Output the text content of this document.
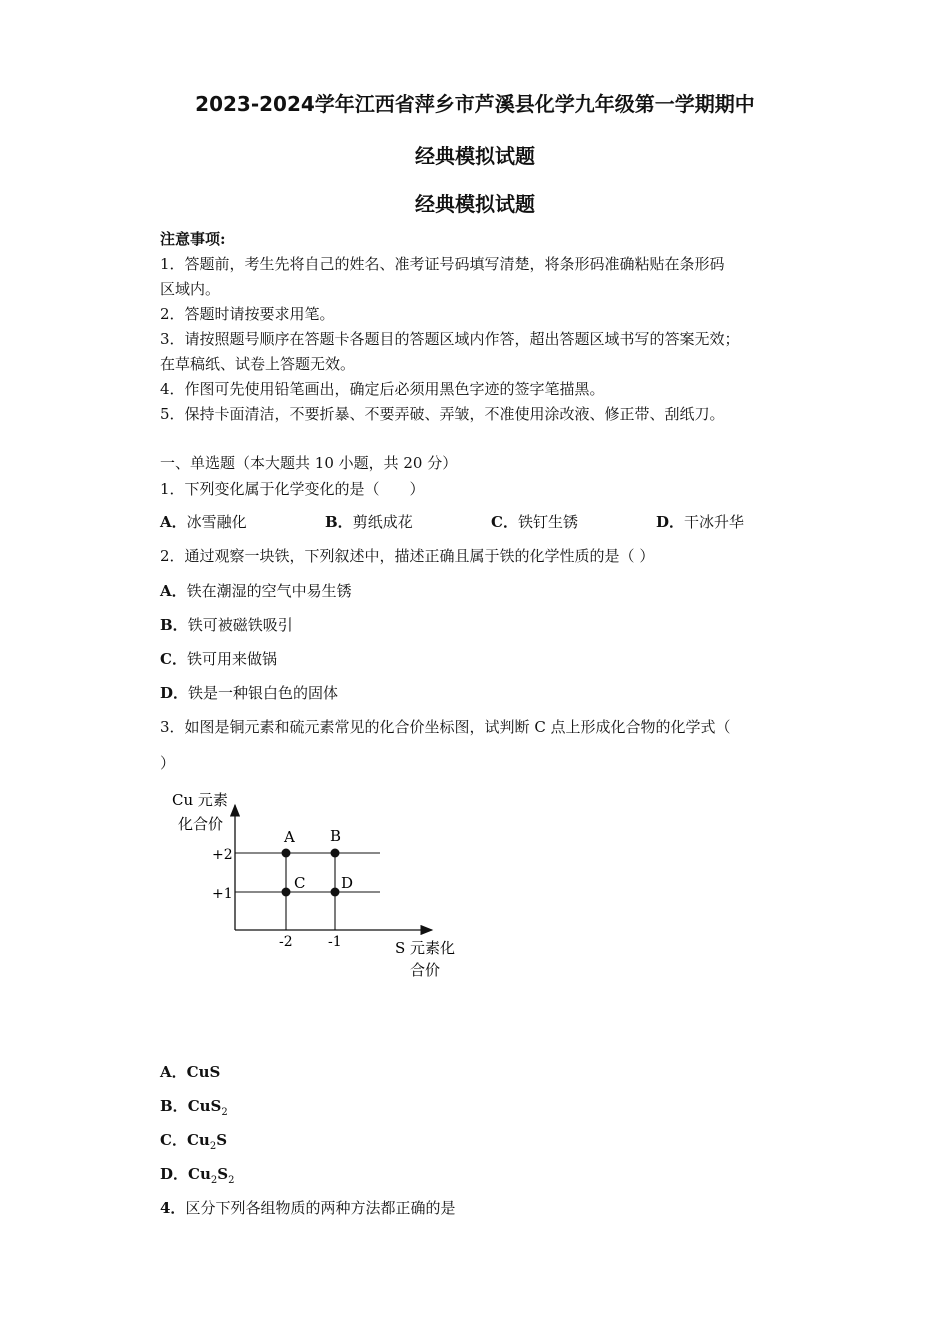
2023-2024学年江西省萍乡市芦溪县化学九年级第一学期期中
经典模拟试题
经典模拟试题
注意事项:
1．答题前，考生先将自己的姓名、准考证号码填写清楚，将条形码准确粘贴在条形码
区域内。
2．答题时请按要求用笔。
3．请按照题号顺序在答题卡各题目的答题区域内作答，超出答题区域书写的答案无效；
在草稿纸、试卷上答题无效。
4．作图可先使用铅笔画出，确定后必须用黑色字迹的签字笔描黑。
5．保持卡面清洁，不要折暴、不要弄破、弄皱，不准使用涂改液、修正带、刮纸刀。
一、单选题（本大题共 10 小题，共 20 分）
1．下列变化属于化学变化的是（　　）
A．冰雪融化	B．剪纸成花	C．铁钉生锈	D．干冰升华
2．通过观察一块铁，下列叙述中，描述正确且属于铁的化学性质的是（ ）
A．铁在潮湿的空气中易生锈
B．铁可被磁铁吸引
C．铁可用来做锅
D．铁是一种银白色的固体
3．如图是铜元素和硫元素常见的化合价坐标图，试判断 C 点上形成化合物的化学式（
）
Cu 元素
化合价
S 元素化
合价
+2
+1
-2	-1
A B
C D
A．CuS
B．CuS$_2$
C．$Cu_2S$
D．$Cu_2S_2$
4．区分下列各组物质的两种方法都正确的是
